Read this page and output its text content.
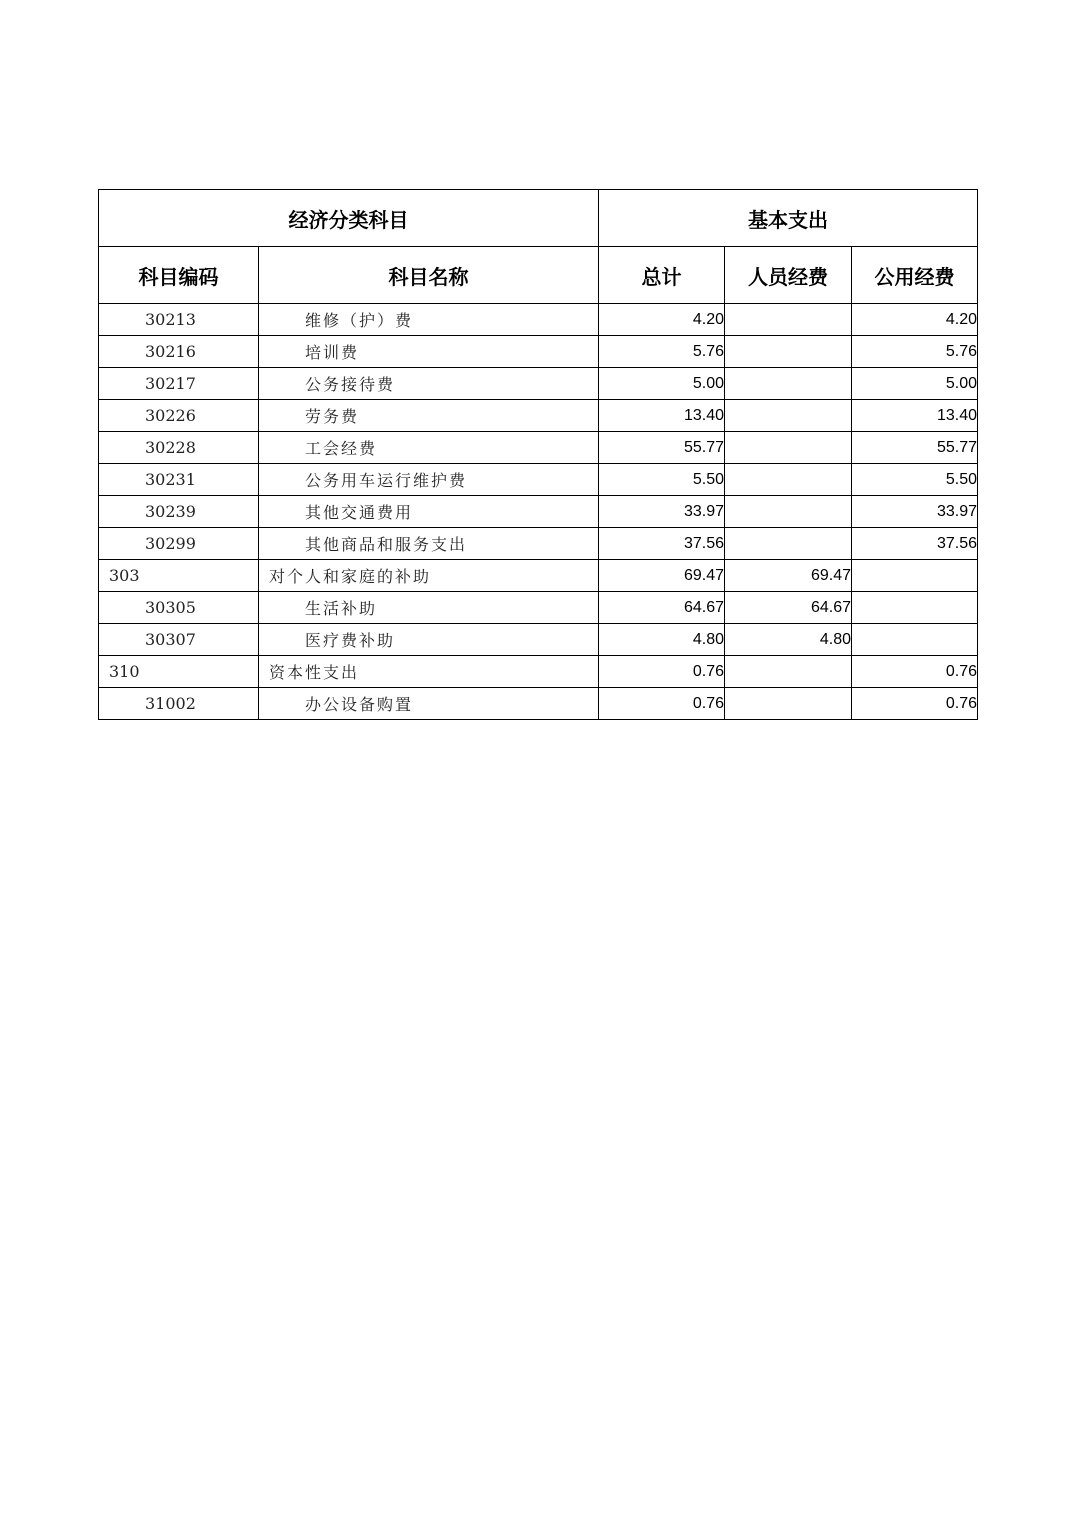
经济分类科目		基本支出		
科目编码	科目名称	总计	人员经费	公用经费
30213	维修（护）费	4.20		4.20
30216	培训费	5.76		5.76
30217	公务接待费	5.00		5.00
30226	劳务费	13.40		13.40
30228	工会经费	55.77		55.77
30231	公务用车运行维护费	5.50		5.50
30239	其他交通费用	33.97		33.97
30299	其他商品和服务支出	37.56		37.56
303	对个人和家庭的补助	69.47	69.47	
30305	生活补助	64.67	64.67	
30307	医疗费补助	4.80	4.80	
310	资本性支出	0.76		0.76
31002	办公设备购置	0.76		0.76
